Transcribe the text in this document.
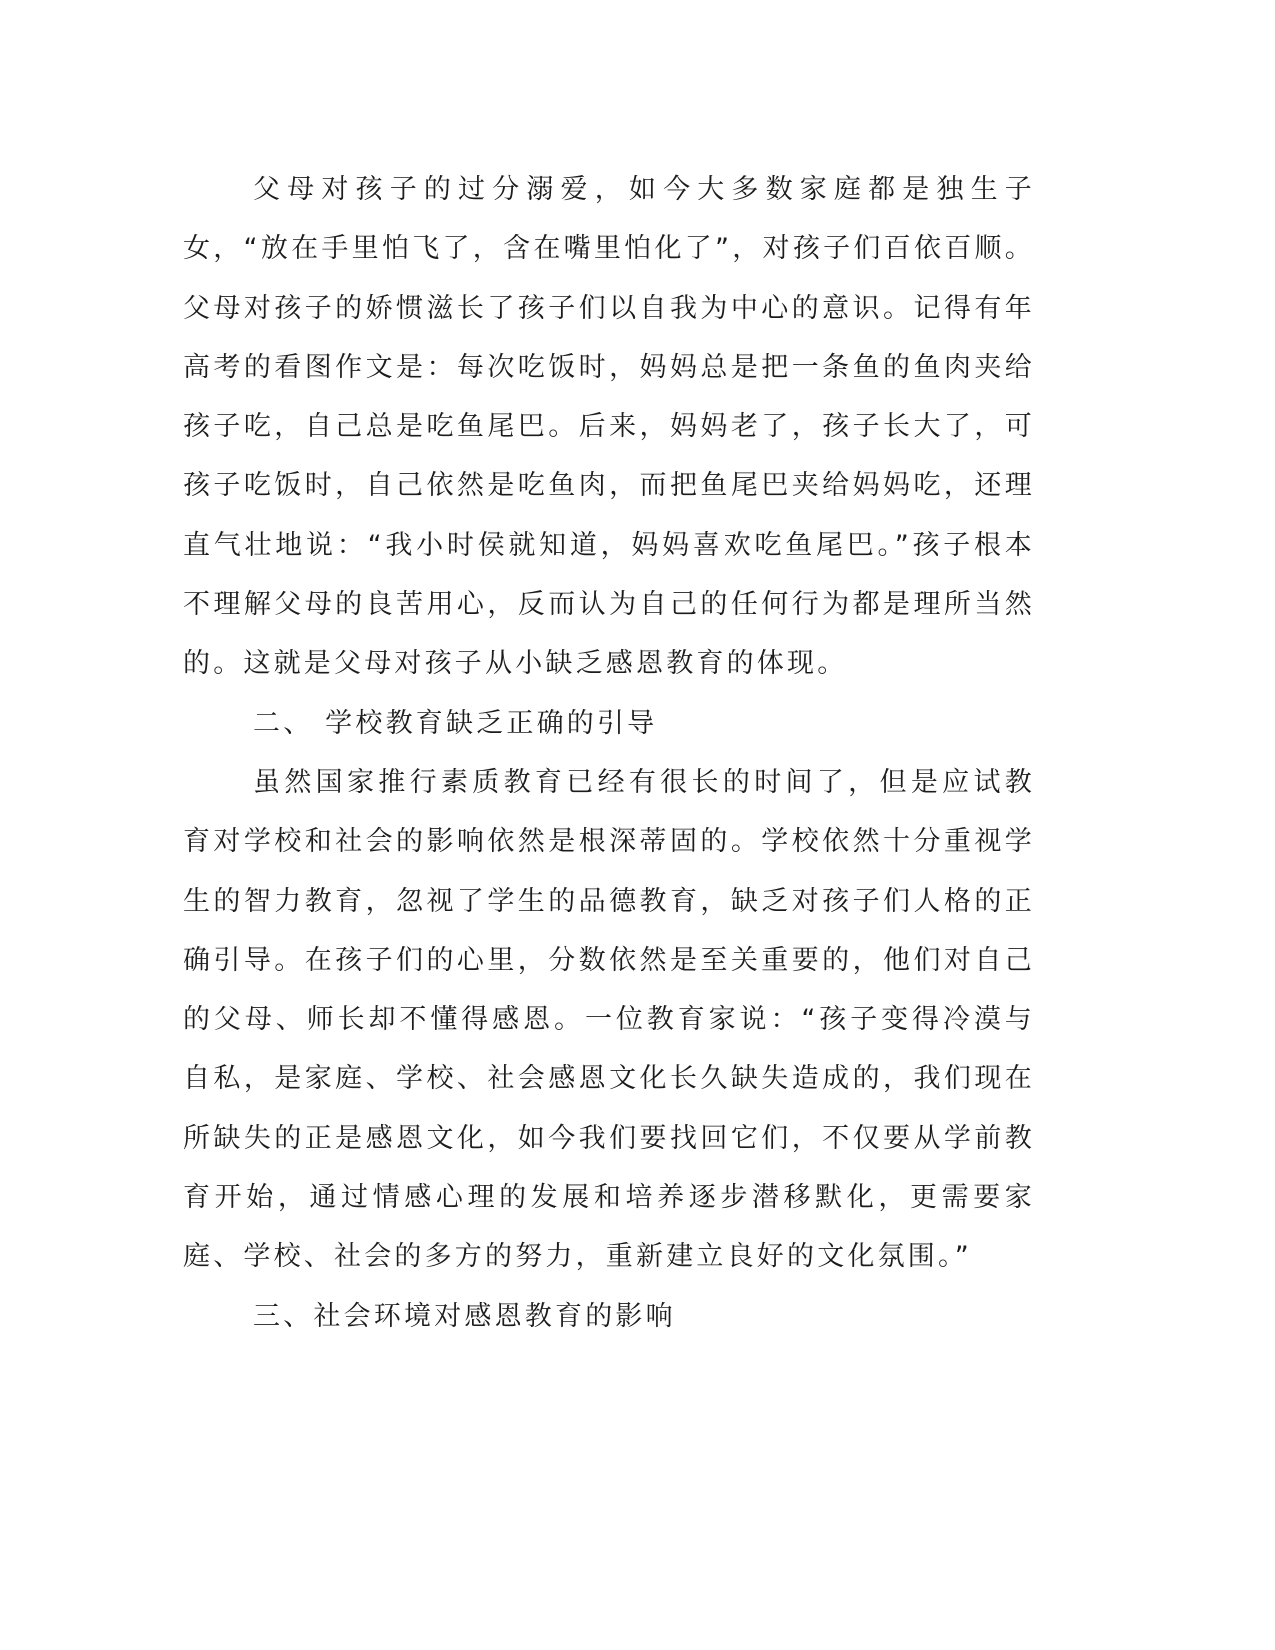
父母对孩子的过分溺爱，如今大多数家庭都是独生子女，“放在手里怕飞了，含在嘴里怕化了”，对孩子们百依百顺。父母对孩子的娇惯滋长了孩子们以自我为中心的意识。记得有年高考的看图作文是：每次吃饭时，妈妈总是把一条鱼的鱼肉夹给孩子吃，自己总是吃鱼尾巴。后来，妈妈老了，孩子长大了，可孩子吃饭时，自己依然是吃鱼肉，而把鱼尾巴夹给妈妈吃，还理直气壮地说：“我小时侯就知道，妈妈喜欢吃鱼尾巴。”孩子根本不理解父母的良苦用心，反而认为自己的任何行为都是理所当然的。这就是父母对孩子从小缺乏感恩教育的体现。

二、 学校教育缺乏正确的引导

虽然国家推行素质教育已经有很长的时间了，但是应试教育对学校和社会的影响依然是根深蒂固的。学校依然十分重视学生的智力教育，忽视了学生的品德教育，缺乏对孩子们人格的正确引导。在孩子们的心里，分数依然是至关重要的，他们对自己的父母、师长却不懂得感恩。一位教育家说：“孩子变得冷漠与自私，是家庭、学校、社会感恩文化长久缺失造成的，我们现在所缺失的正是感恩文化，如今我们要找回它们，不仅要从学前教育开始，通过情感心理的发展和培养逐步潜移默化，更需要家庭、学校、社会的多方的努力，重新建立良好的文化氛围。”

三、社会环境对感恩教育的影响
